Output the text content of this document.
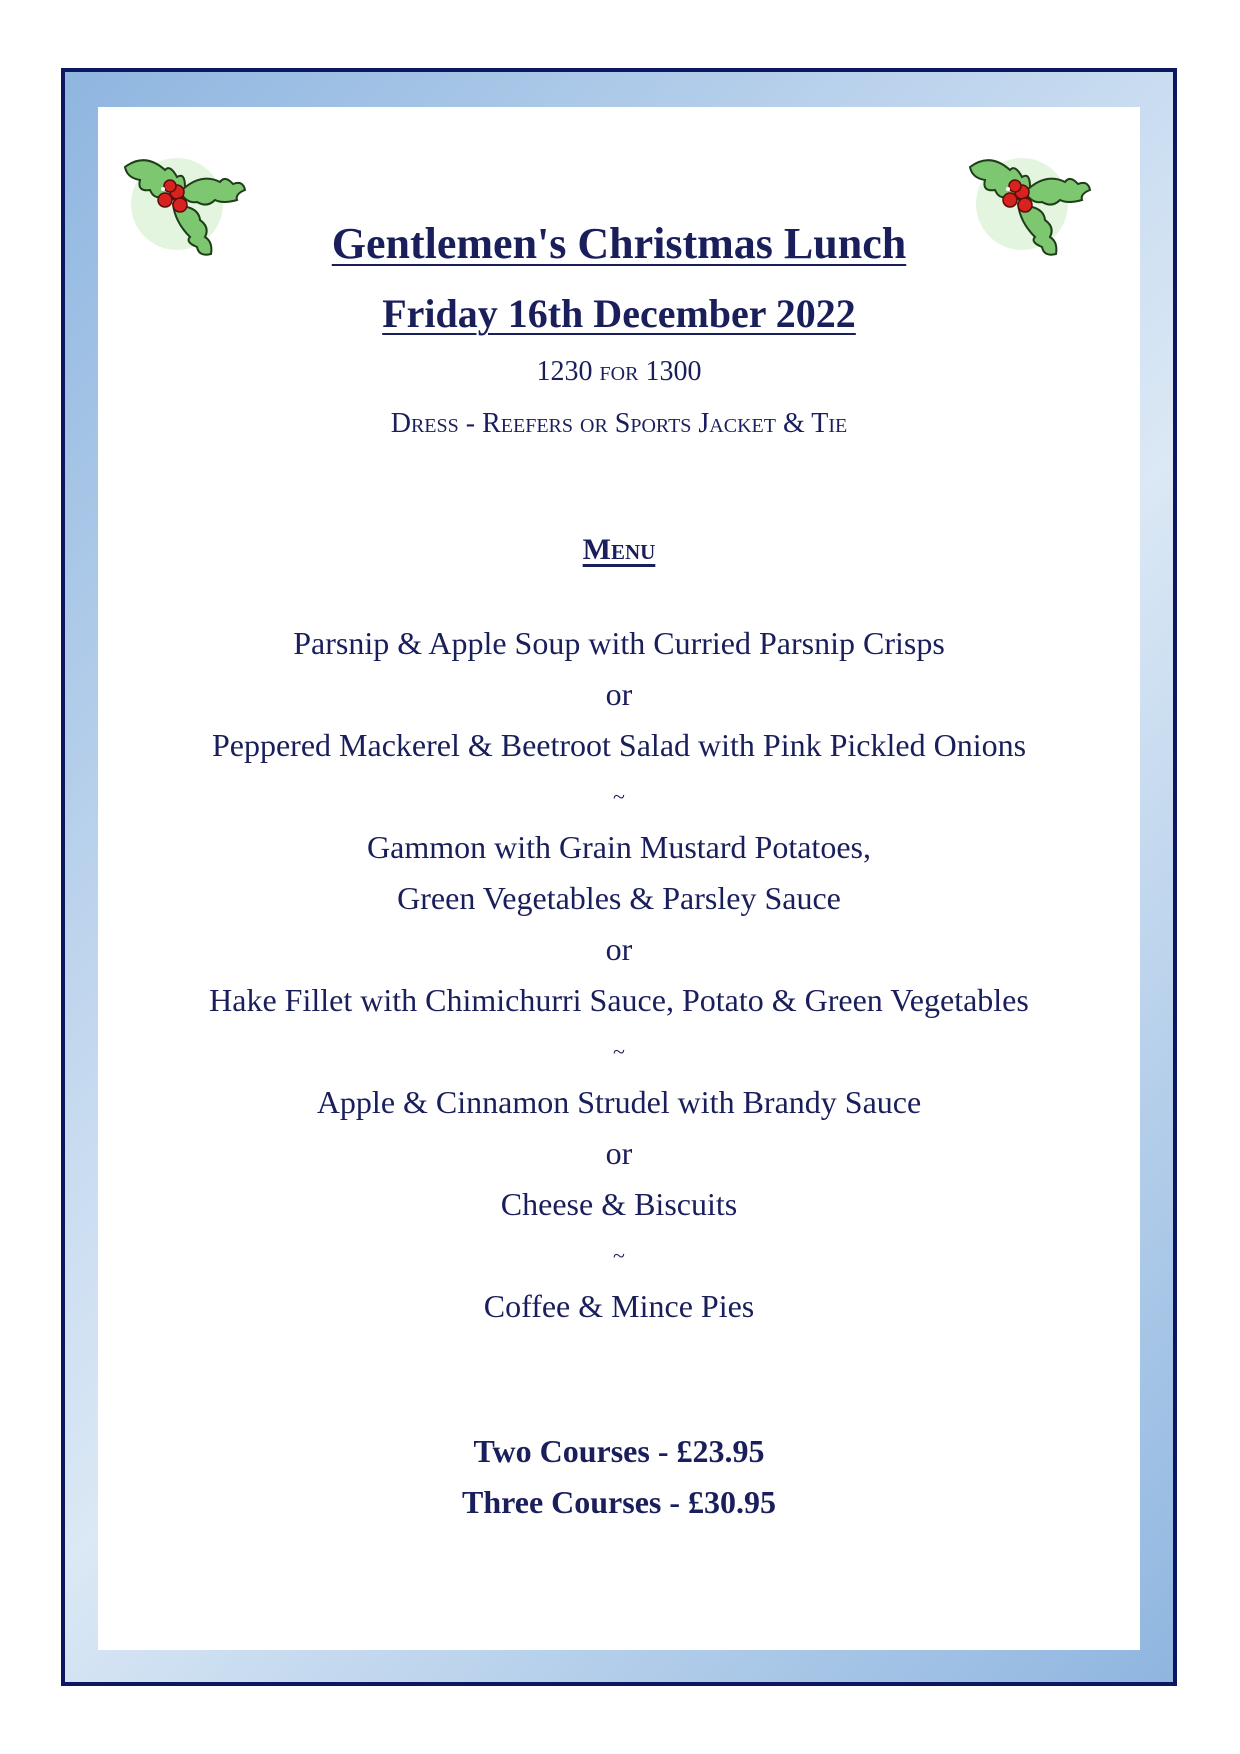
Gentlemen's Christmas Lunch
Friday 16th December 2022
1230 for 1300
Dress - Reefers or Sports Jacket & Tie
Menu
Parsnip & Apple Soup with Curried Parsnip Crisps
or
Peppered Mackerel & Beetroot Salad with Pink Pickled Onions
~
Gammon with Grain Mustard Potatoes,
Green Vegetables & Parsley Sauce
or
Hake Fillet with Chimichurri Sauce, Potato & Green Vegetables
~
Apple & Cinnamon Strudel with Brandy Sauce
or
Cheese & Biscuits
~
Coffee & Mince Pies
Two Courses - £23.95
Three Courses - £30.95
